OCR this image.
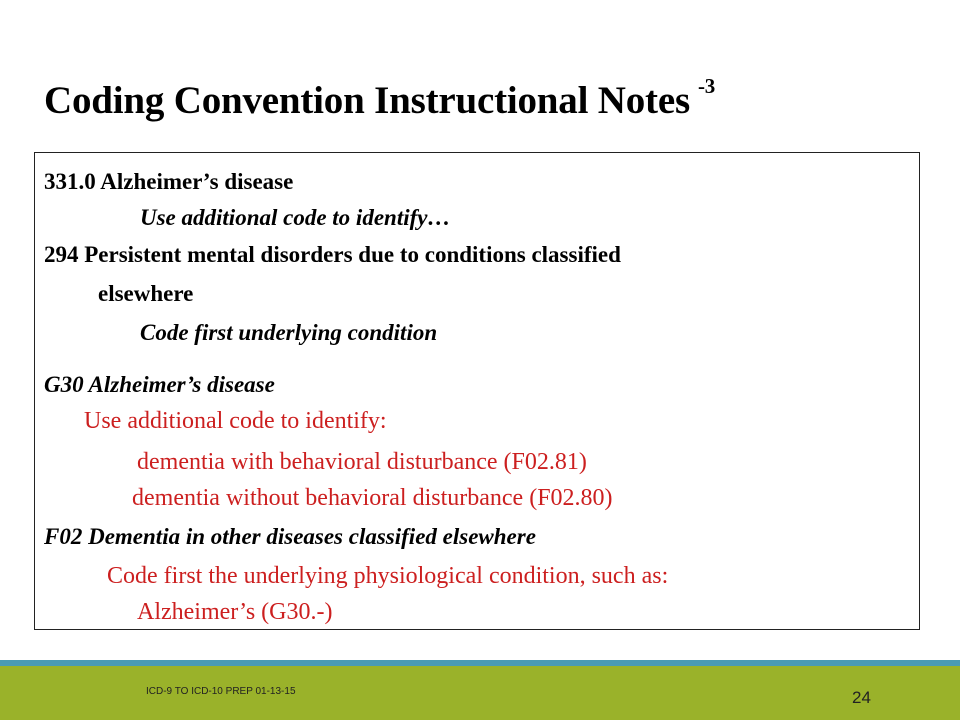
Coding Convention Instructional Notes $^{-3}$
331.0 Alzheimer’s disease
Use additional code to identify…
294 Persistent mental disorders due to conditions classified
elsewhere
Code first underlying condition
G30 Alzheimer’s disease
Use additional code to identify:
dementia with behavioral disturbance (F02.81)
dementia without behavioral disturbance (F02.80)
F02 Dementia in other diseases classified elsewhere
Code first the underlying physiological condition, such as:
Alzheimer’s (G30.-)
ICD-9 TO ICD-10 PREP 01-13-15	24
